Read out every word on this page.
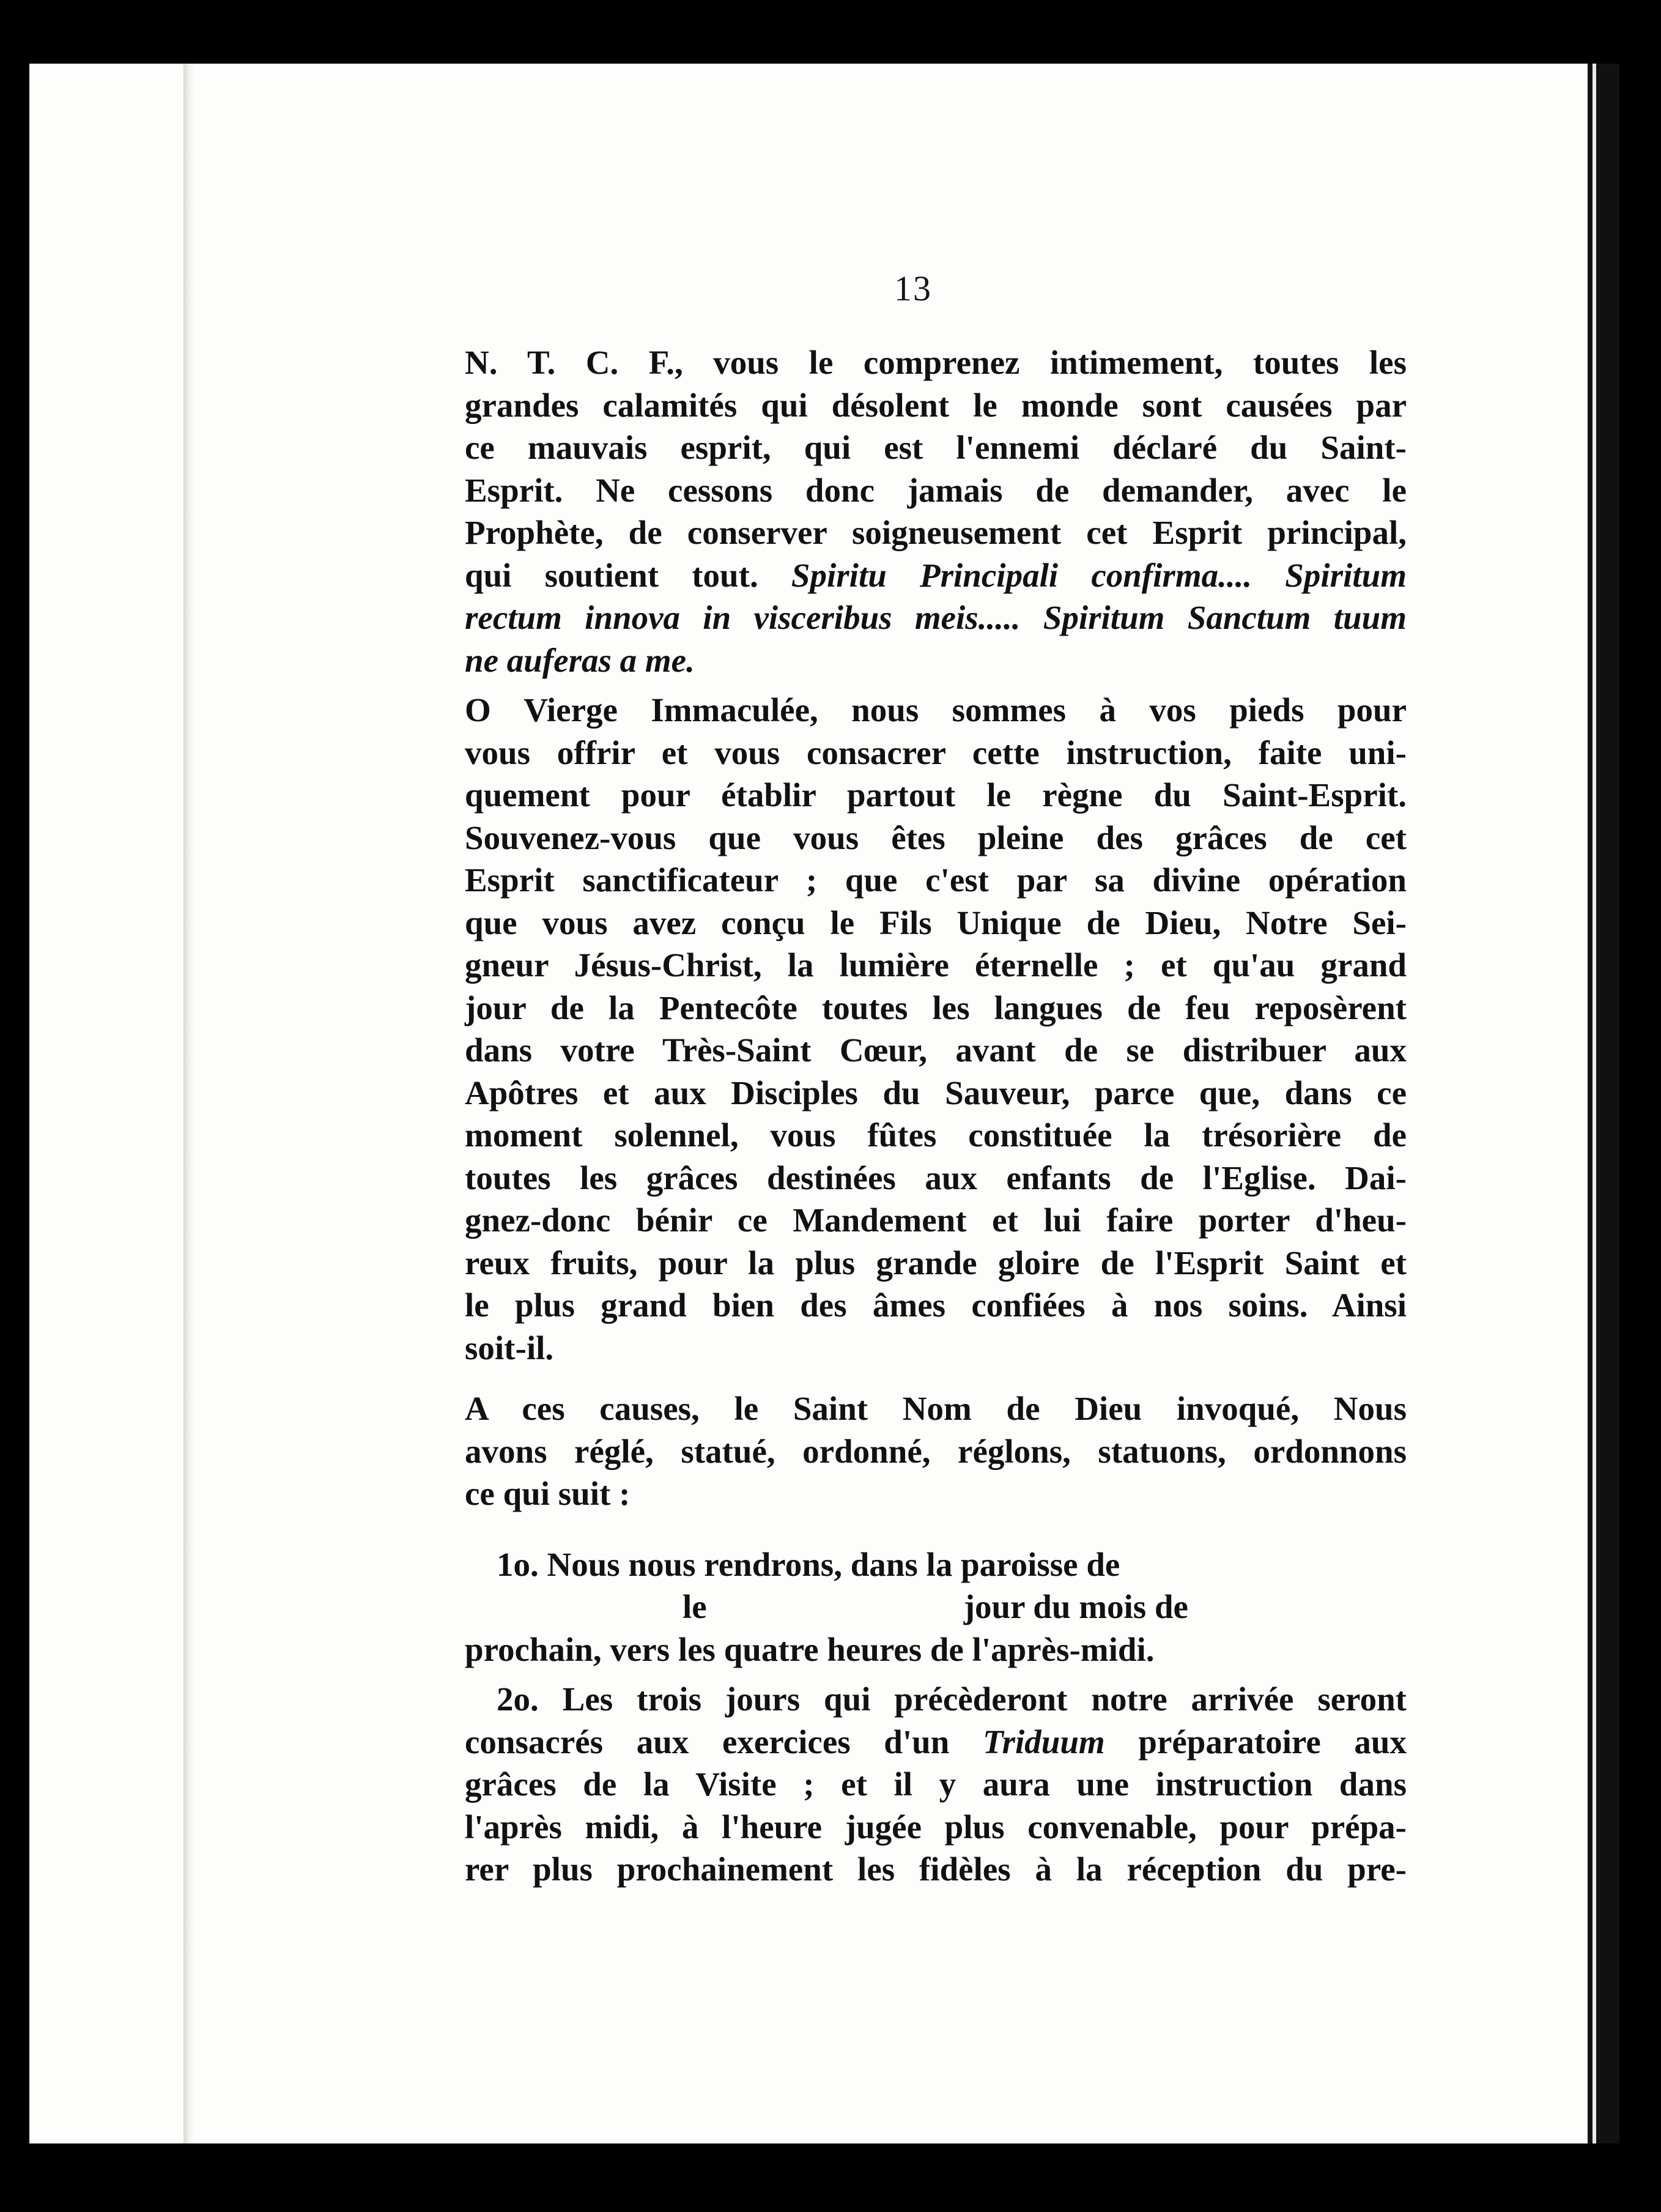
13
N. T. C. F., vous le comprenez intimement, toutes les
grandes calamités qui désolent le monde sont causées par
ce mauvais esprit, qui est l'ennemi déclaré du Saint-
Esprit. Ne cessons donc jamais de demander, avec le
Prophète, de conserver soigneusement cet Esprit principal,
qui soutient tout. Spiritu Principali confirma.... Spiritum
rectum innova in visceribus meis..... Spiritum Sanctum tuum
ne auferas a me.
O Vierge Immaculée, nous sommes à vos pieds pour
vous offrir et vous consacrer cette instruction, faite uni-
quement pour établir partout le règne du Saint-Esprit.
Souvenez-vous que vous êtes pleine des grâces de cet
Esprit sanctificateur ; que c'est par sa divine opération
que vous avez conçu le Fils Unique de Dieu, Notre Sei-
gneur Jésus-Christ, la lumière éternelle ; et qu'au grand
jour de la Pentecôte toutes les langues de feu reposèrent
dans votre Très-Saint Cœur, avant de se distribuer aux
Apôtres et aux Disciples du Sauveur, parce que, dans ce
moment solennel, vous fûtes constituée la trésorière de
toutes les grâces destinées aux enfants de l'Eglise. Dai-
gnez-donc bénir ce Mandement et lui faire porter d'heu-
reux fruits, pour la plus grande gloire de l'Esprit Saint et
le plus grand bien des âmes confiées à nos soins. Ainsi
soit-il.
A ces causes, le Saint Nom de Dieu invoqué, Nous
avons réglé, statué, ordonné, réglons, statuons, ordonnons
ce qui suit :
1o. Nous nous rendrons, dans la paroisse de
le	jour du mois de
prochain, vers les quatre heures de l'après-midi.
2o. Les trois jours qui précèderont notre arrivée seront
consacrés aux exercices d'un Triduum préparatoire aux
grâces de la Visite ; et il y aura une instruction dans
l'après midi, à l'heure jugée plus convenable, pour prépa-
rer plus prochainement les fidèles à la réception du pre-
